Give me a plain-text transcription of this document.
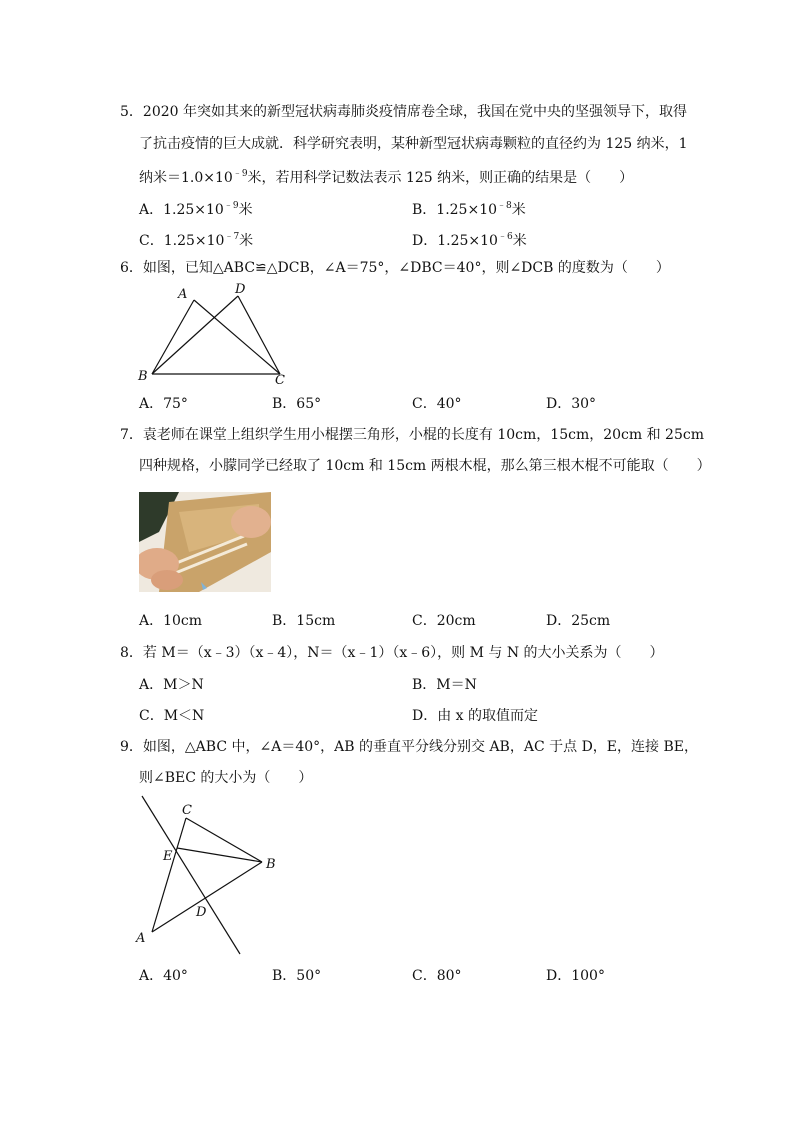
5．2020 年突如其来的新型冠状病毒肺炎疫情席卷全球，我国在党中央的坚强领导下，取得
了抗击疫情的巨大成就．科学研究表明，某种新型冠状病毒颗粒的直径约为 125 纳米，1
纳米$=1.0\times 10^{﹣9}$米，若用科学记数法表示 125 纳米，则正确的结果是（　　）
A．$1.25\times 10^{﹣9}$米	B．$1.25\times 10^{﹣8}$米
C．$1.25\times 10^{﹣7}$米	D．$1.25\times 10^{﹣6}$米
6．如图，已知△ABC≌△DCB，∠A＝75°，∠DBC＝40°，则∠DCB 的度数为（　　）
A	D
B	C
A．75°	B．65°	C．40°	D．30°
7．袁老师在课堂上组织学生用小棍摆三角形，小棍的长度有 10cm，15cm，20cm 和 25cm
四种规格，小朦同学已经取了 10cm 和 15cm 两根木棍，那么第三根木棍不可能取（　　）
A．10cm	B．15cm	C．20cm	D．25cm
8．若 M＝（x﹣3）（x﹣4），N＝（x﹣1）（x﹣6），则 M 与 N 的大小关系为（　　）
A．M＞N	B．M＝N
C．M＜N	D．由 x 的取值而定
9．如图，△ABC 中，∠A＝40°，AB 的垂直平分线分别交 AB，AC 于点 D，E，连接 BE，
则∠BEC 的大小为（　　）
C
E
B
D
A
A．40°	B．50°	C．80°	D．100°
